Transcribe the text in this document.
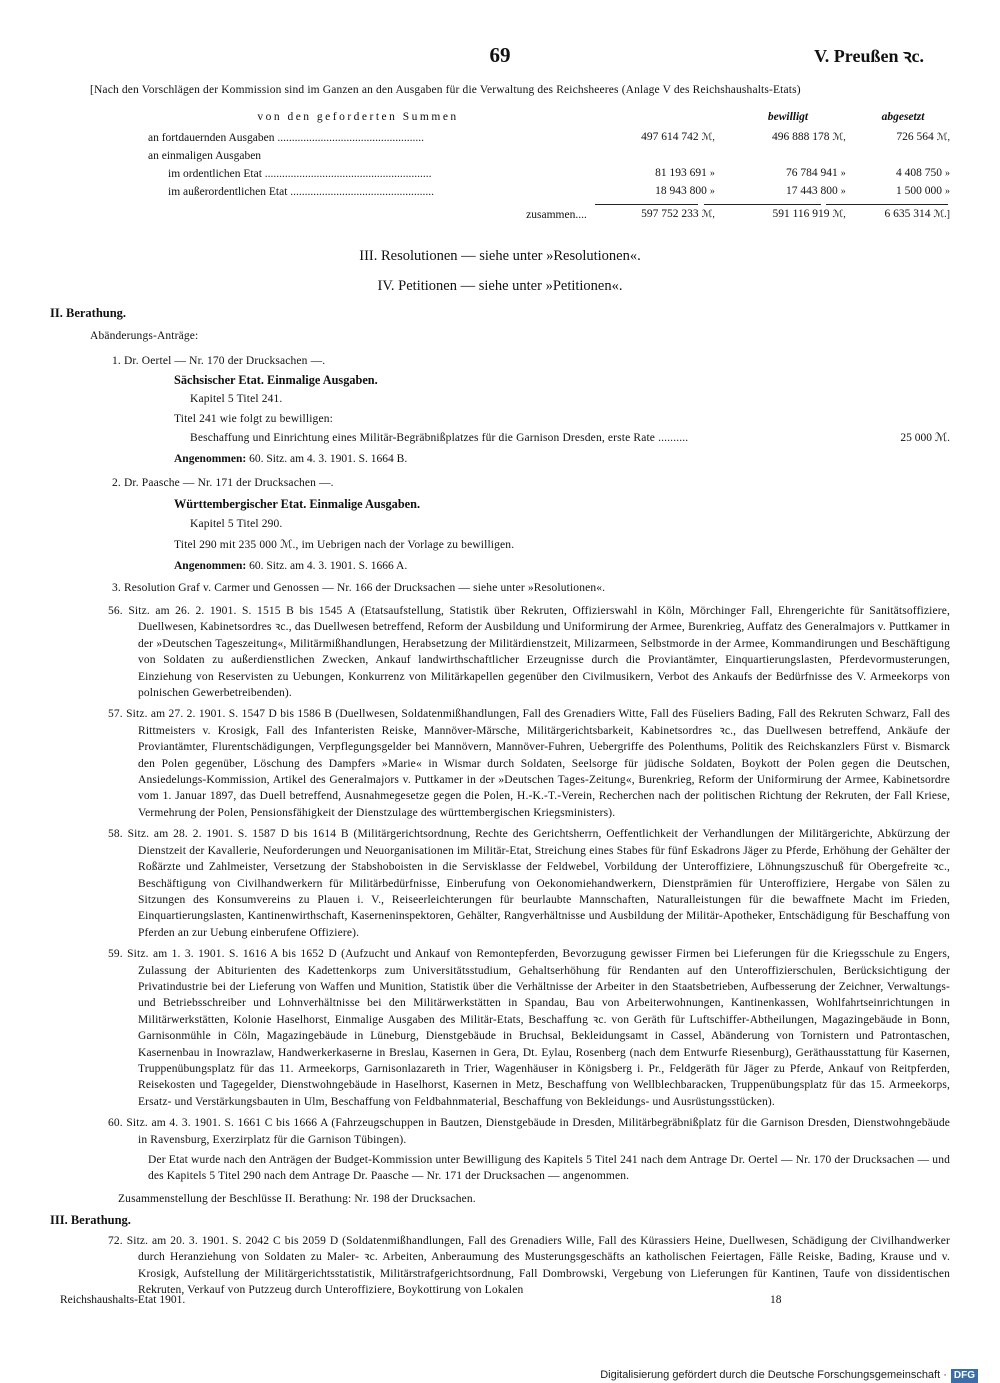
69	V. Preußen ꝛc.
[Nach den Vorschlägen der Kommission sind im Ganzen an den Ausgaben für die Verwaltung des Reichsheeres (Anlage V des Reichshaushalts-Etats)
von den geforderten Summen	bewilligt	abgesetzt
an fortdauernden Ausgaben ...................................................	497 614 742 ℳ,	496 888 178 ℳ,	726 564 ℳ,
an einmaligen Ausgaben			
im ordentlichen Etat ..........................................................	81 193 691 »	76 784 941 »	4 408 750 »
im außerordentlichen Etat ..................................................	18 943 800 »	17 443 800 »	1 500 000 »
zusammen....	597 752 233 ℳ,	591 116 919 ℳ,	6 635 314 ℳ.]
III. Resolutionen — siehe unter »Resolutionen«.
IV. Petitionen — siehe unter »Petitionen«.
II. Berathung.
Abänderungs-Anträge:
1. Dr. Oertel — Nr. 170 der Drucksachen —.
Sächsischer Etat. Einmalige Ausgaben.
Kapitel 5 Titel 241.
Titel 241 wie folgt zu bewilligen:
Beschaffung und Einrichtung eines Militär-Begräbnißplatzes für die Garnison Dresden, erste Rate ..........	25 000 ℳ.
Angenommen: 60. Sitz. am 4. 3. 1901. S. 1664 B.
2. Dr. Paasche — Nr. 171 der Drucksachen —.
Württembergischer Etat. Einmalige Ausgaben.
Kapitel 5 Titel 290.
Titel 290 mit 235 000 ℳ., im Uebrigen nach der Vorlage zu bewilligen.
Angenommen: 60. Sitz. am 4. 3. 1901. S. 1666 A.
3. Resolution Graf v. Carmer und Genossen — Nr. 166 der Drucksachen — siehe unter »Resolutionen«.
56. Sitz. am 26. 2. 1901. S. 1515 B bis 1545 A (Etatsaufstellung, Statistik über Rekruten, Offizierswahl in Köln, Mörchinger Fall, Ehrengerichte für Sanitätsoffiziere, Duellwesen, Kabinetsordres ꝛc., das Duellwesen betreffend, Reform der Ausbildung und Uniformirung der Armee, Burenkrieg, Auffatz des Generalmajors v. Puttkamer in der »Deutschen Tageszeitung«, Militärmißhandlungen, Herabsetzung der Militärdienstzeit, Milizarmeen, Selbstmorde in der Armee, Kommandirungen und Beschäftigung von Soldaten zu außerdienstlichen Zwecken, Ankauf landwirthschaftlicher Erzeugnisse durch die Proviantämter, Einquartierungslasten, Pferdevormusterungen, Einziehung von Reservisten zu Uebungen, Konkurrenz von Militärkapellen gegenüber den Civilmusikern, Verbot des Ankaufs der Bedürfnisse des V. Armeekorps von polnischen Gewerbetreibenden).
57. Sitz. am 27. 2. 1901. S. 1547 D bis 1586 B (Duellwesen, Soldatenmißhandlungen, Fall des Grenadiers Witte, Fall des Füseliers Bading, Fall des Rekruten Schwarz, Fall des Rittmeisters v. Krosigk, Fall des Infanteristen Reiske, Mannöver-Märsche, Militärgerichtsbarkeit, Kabinetsordres ꝛc., das Duellwesen betreffend, Ankäufe der Proviantämter, Flurentschädigungen, Verpflegungsgelder bei Mannövern, Mannöver-Fuhren, Uebergriffe des Polenthums, Politik des Reichskanzlers Fürst v. Bismarck den Polen gegenüber, Löschung des Dampfers »Marie« in Wismar durch Soldaten, Seelsorge für jüdische Soldaten, Boykott der Polen gegen die Deutschen, Ansiedelungs-Kommission, Artikel des Generalmajors v. Puttkamer in der »Deutschen Tages-Zeitung«, Burenkrieg, Reform der Uniformirung der Armee, Kabinetsordre vom 1. Januar 1897, das Duell betreffend, Ausnahmegesetze gegen die Polen, H.-K.-T.-Verein, Recherchen nach der politischen Richtung der Rekruten, der Fall Kriese, Vermehrung der Polen, Pensionsfähigkeit der Dienstzulage des württembergischen Kriegsministers).
58. Sitz. am 28. 2. 1901. S. 1587 D bis 1614 B (Militärgerichtsordnung, Rechte des Gerichtsherrn, Oeffentlichkeit der Verhandlungen der Militärgerichte, Abkürzung der Dienstzeit der Kavallerie, Neuforderungen und Neuorganisationen im Militär-Etat, Streichung eines Stabes für fünf Eskadrons Jäger zu Pferde, Erhöhung der Gehälter der Roßärzte und Zahlmeister, Versetzung der Stabshoboisten in die Servisklasse der Feldwebel, Vorbildung der Unteroffiziere, Löhnungszuschuß für Obergefreite ꝛc., Beschäftigung von Civilhandwerkern für Militärbedürfnisse, Einberufung von Oekonomiehandwerkern, Dienstprämien für Unteroffiziere, Hergabe von Sälen zu Sitzungen des Konsumvereins zu Plauen i. V., Reiseerleichterungen für beurlaubte Mannschaften, Naturalleistungen für die bewaffnete Macht im Frieden, Einquartierungslasten, Kantinenwirthschaft, Kaserneninspektoren, Gehälter, Rangverhältnisse und Ausbildung der Militär-Apotheker, Entschädigung für Beschaffung von Pferden an zur Uebung einberufene Offiziere).
59. Sitz. am 1. 3. 1901. S. 1616 A bis 1652 D (Aufzucht und Ankauf von Remontepferden, Bevorzugung gewisser Firmen bei Lieferungen für die Kriegsschule zu Engers, Zulassung der Abiturienten des Kadettenkorps zum Universitätsstudium, Gehaltserhöhung für Rendanten auf den Unteroffizierschulen, Berücksichtigung der Privatindustrie bei der Lieferung von Waffen und Munition, Statistik über die Verhältnisse der Arbeiter in den Staatsbetrieben, Aufbesserung der Zeichner, Verwaltungs- und Betriebsschreiber und Lohnverhältnisse bei den Militärwerkstätten in Spandau, Bau von Arbeiterwohnungen, Kantinenkassen, Wohlfahrtseinrichtungen in Militärwerkstätten, Kolonie Haselhorst, Einmalige Ausgaben des Militär-Etats, Beschaffung ꝛc. von Geräth für Luftschiffer-Abtheilungen, Magazingebäude in Bonn, Garnisonmühle in Cöln, Magazingebäude in Lüneburg, Dienstgebäude in Bruchsal, Bekleidungsamt in Cassel, Abänderung von Tornistern und Patrontaschen, Kasernenbau in Inowrazlaw, Handwerkerkaserne in Breslau, Kasernen in Gera, Dt. Eylau, Rosenberg (nach dem Entwurfe Riesenburg), Geräthausstattung für Kasernen, Truppenübungsplatz für das 11. Armeekorps, Garnisonlazareth in Trier, Wagenhäuser in Königsberg i. Pr., Feldgeräth für Jäger zu Pferde, Ankauf von Reitpferden, Reisekosten und Tagegelder, Dienstwohngebäude in Haselhorst, Kasernen in Metz, Beschaffung von Wellblechbaracken, Truppenübungsplatz für das 15. Armeekorps, Ersatz- und Verstärkungsbauten in Ulm, Beschaffung von Feldbahnmaterial, Beschaffung von Bekleidungs- und Ausrüstungsstücken).
60. Sitz. am 4. 3. 1901. S. 1661 C bis 1666 A (Fahrzeugschuppen in Bautzen, Dienstgebäude in Dresden, Militärbegräbnißplatz für die Garnison Dresden, Dienstwohngebäude in Ravensburg, Exerzirplatz für die Garnison Tübingen).
Der Etat wurde nach den Anträgen der Budget-Kommission unter Bewilligung des Kapitels 5 Titel 241 nach dem Antrage Dr. Oertel — Nr. 170 der Drucksachen — und des Kapitels 5 Titel 290 nach dem Antrage Dr. Paasche — Nr. 171 der Drucksachen — angenommen.
Zusammenstellung der Beschlüsse II. Berathung: Nr. 198 der Drucksachen.
III. Berathung.
72. Sitz. am 20. 3. 1901. S. 2042 C bis 2059 D (Soldatenmißhandlungen, Fall des Grenadiers Wille, Fall des Kürassiers Heine, Duellwesen, Schädigung der Civilhandwerker durch Heranziehung von Soldaten zu Maler- ꝛc. Arbeiten, Anberaumung des Musterungsgeschäfts an katholischen Feiertagen, Fälle Reiske, Bading, Krause und v. Krosigk, Aufstellung der Militärgerichtsstatistik, Militärstrafgerichtsordnung, Fall Dombrowski, Vergebung von Lieferungen für Kantinen, Taufe von dissidentischen Rekruten, Verkauf von Putzzeug durch Unteroffiziere, Boykottirung von Lokalen
Reichshaushalts-Etat 1901.	18
Digitalisierung gefördert durch die Deutsche Forschungsgemeinschaft · DFG
